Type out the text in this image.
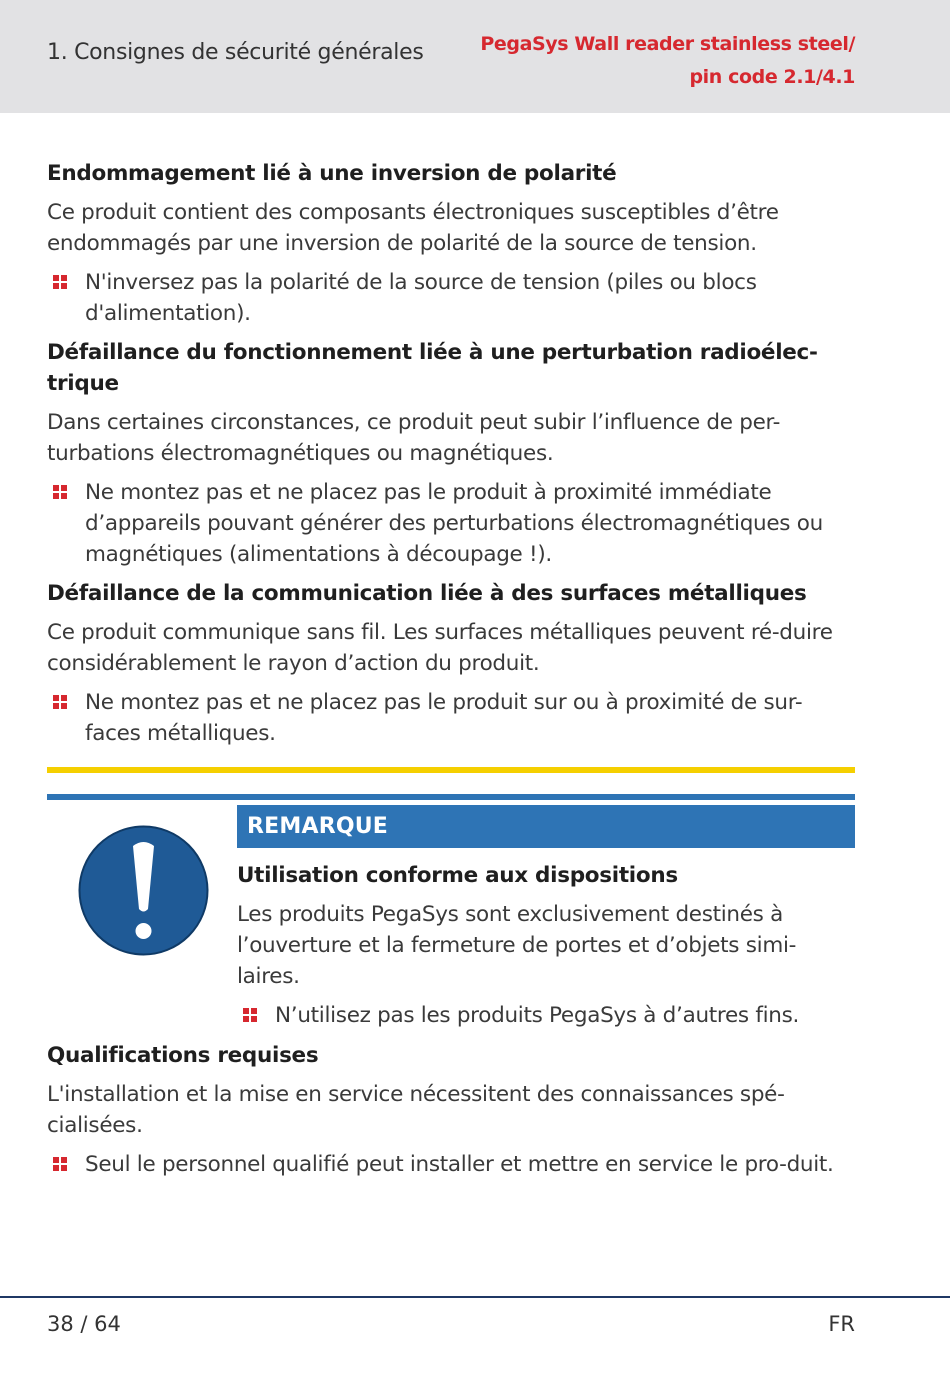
1. Consignes de sécurité générales	PegaSys Wall reader stainless steel/
pin code 2.1/4.1
Endommagement lié à une inversion de polarité

Ce produit contient des composants électroniques susceptibles d’être endommagés par une inversion de polarité de la source de tension.

N'inversez pas la polarité de la source de tension (piles ou blocs d'alimentation).
Défaillance du fonctionnement liée à une perturbation radioélec-trique

Dans certaines circonstances, ce produit peut subir l’influence de per-turbations électromagnétiques ou magnétiques.

Ne montez pas et ne placez pas le produit à proximité immédiate d’appareils pouvant générer des perturbations électromagnétiques ou magnétiques (alimentations à découpage !).
Défaillance de la communication liée à des surfaces métalliques

Ce produit communique sans fil. Les surfaces métalliques peuvent ré-duire considérablement le rayon d’action du produit.

Ne montez pas et ne placez pas le produit sur ou à proximité de sur-faces métalliques.
REMARQUE
Utilisation conforme aux dispositions

Les produits PegaSys sont exclusivement destinés à l’ouverture et la fermeture de portes et d’objets simi-laires.

N’utilisez pas les produits PegaSys à d’autres fins.
Qualifications requises

L'installation et la mise en service nécessitent des connaissances spé-cialisées.

Seul le personnel qualifié peut installer et mettre en service le pro-duit.
38 / 64	FR
